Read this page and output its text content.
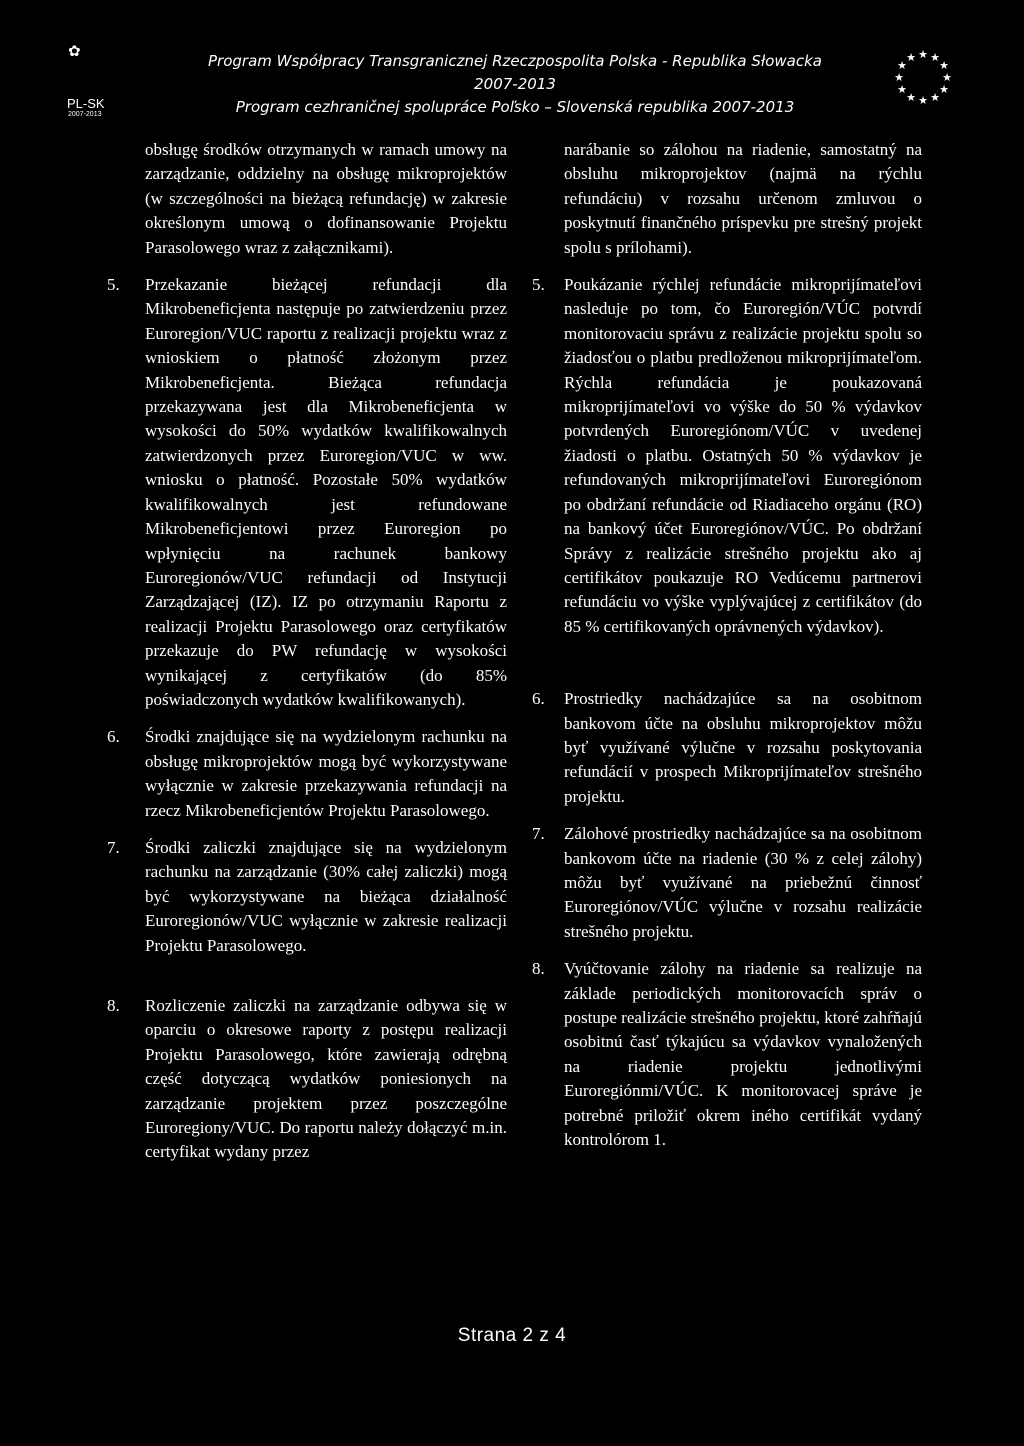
✿
PL-SK
2007-2013
Program Współpracy Transgranicznej Rzeczpospolita Polska - Republika Słowacka 2007-2013
Program cezhraničnej spolupráce Poľsko – Slovenská republika 2007-2013
★ ★
★
★
★
★
★
★
★
★
★
★

obsługę środków otrzymanych w ramach umowy na zarządzanie, oddzielny na obsługę mikroprojektów (w szczególności na bieżącą refundację) w zakresie określonym umową o dofinansowanie Projektu Parasolowego wraz z załącznikami).

5. Przekazanie bieżącej refundacji dla Mikrobeneficjenta następuje po zatwierdzeniu przez Euroregion/VUC raportu z realizacji projektu wraz z wnioskiem o płatność złożonym przez Mikrobeneficjenta. Bieżąca refundacja przekazywana jest dla Mikrobeneficjenta w wysokości do 50% wydatków kwalifikowalnych zatwierdzonych przez Euroregion/VUC w ww. wniosku o płatność. Pozostałe 50% wydatków kwalifikowalnych jest refundowane Mikrobeneficjentowi przez Euroregion po wpłynięciu na rachunek bankowy Euroregionów/VUC refundacji od Instytucji Zarządzającej (IZ). IZ po otrzymaniu Raportu z realizacji Projektu Parasolowego oraz certyfikatów przekazuje do PW refundację w wysokości wynikającej z certyfikatów (do 85% poświadczonych wydatków kwalifikowanych).

6. Środki znajdujące się na wydzielonym rachunku na obsługę mikroprojektów mogą być wykorzystywane wyłącznie w zakresie przekazywania refundacji na rzecz Mikrobeneficjentów Projektu Parasolowego.

7. Środki zaliczki znajdujące się na wydzielonym rachunku na zarządzanie (30% całej zaliczki) mogą być wykorzystywane na bieżąca działalność Euroregionów/VUC wyłącznie w zakresie realizacji Projektu Parasolowego.

8. Rozliczenie zaliczki na zarządzanie odbywa się w oparciu o okresowe raporty z postępu realizacji Projektu Parasolowego, które zawierają odrębną część dotyczącą wydatków poniesionych na zarządzanie projektem przez poszczególne Euroregiony/VUC. Do raportu należy dołączyć m.in. certyfikat wydany przez

narábanie so zálohou na riadenie, samostatný na obsluhu mikroprojektov (najmä na rýchlu refundáciu) v rozsahu určenom zmluvou o poskytnutí finančného príspevku pre strešný projekt spolu s prílohami).

5. Poukázanie rýchlej refundácie mikroprijímateľovi nasleduje po tom, čo Euroregión/VÚC potvrdí monitorovaciu správu z realizácie projektu spolu so žiadosťou o platbu predloženou mikroprijímateľom. Rýchla refundácia je poukazovaná mikroprijímateľovi vo výške do 50 % výdavkov potvrdených Euroregiónom/VÚC v uvedenej žiadosti o platbu. Ostatných 50 % výdavkov je refundovaných mikroprijímateľovi Euroregiónom po obdržaní refundácie od Riadiaceho orgánu (RO) na bankový účet Euroregiónov/VÚC. Po obdržaní Správy z realizácie strešného projektu ako aj certifikátov poukazuje RO Vedúcemu partnerovi refundáciu vo výške vyplývajúcej z certifikátov (do 85 % certifikovaných oprávnených výdavkov).

6. Prostriedky nachádzajúce sa na osobitnom bankovom účte na obsluhu mikroprojektov môžu byť využívané výlučne v rozsahu poskytovania refundácií v prospech Mikroprijímateľov strešného projektu.

7. Zálohové prostriedky nachádzajúce sa na osobitnom bankovom účte na riadenie (30 % z celej zálohy) môžu byť využívané na priebežnú činnosť Euroregiónov/VÚC výlučne v rozsahu realizácie strešného projektu.

8. Vyúčtovanie zálohy na riadenie sa realizuje na základe periodických monitorovacích správ o postupe realizácie strešného projektu, ktoré zahŕňajú osobitnú časť týkajúcu sa výdavkov vynaložených na riadenie projektu jednotlivými Euroregiónmi/VÚC. K monitorovacej správe je potrebné priložiť okrem iného certifikát vydaný kontrolórom 1.

Strana 2 z 4
